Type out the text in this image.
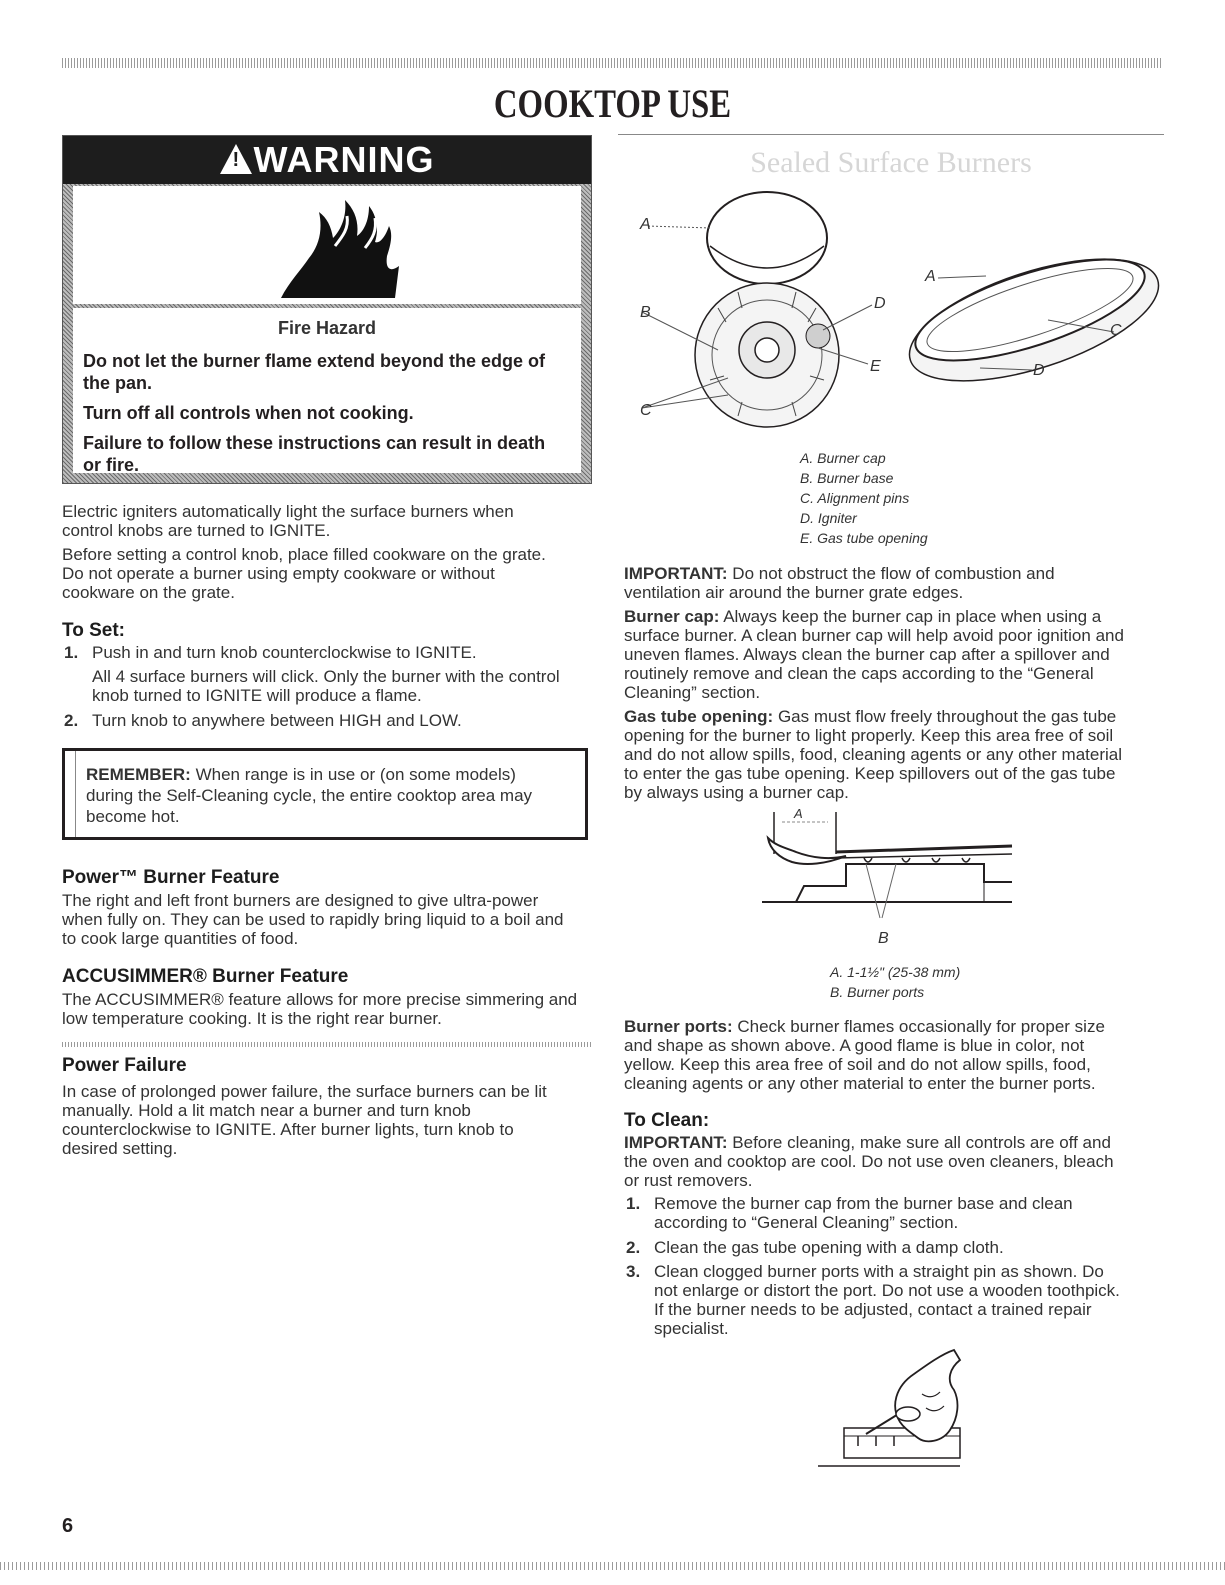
COOKTOP USE
!WARNING
Fire Hazard
Do not let the burner flame extend beyond the edge of
the pan.
Turn off all controls when not cooking.
Failure to follow these instructions can result in death
or fire.
Electric igniters automatically light the surface burners when
control knobs are turned to IGNITE.
Before setting a control knob, place filled cookware on the grate.
Do not operate a burner using empty cookware or without
cookware on the grate.
To Set:
1. Push in and turn knob counterclockwise to IGNITE.
All 4 surface burners will click. Only the burner with the control
knob turned to IGNITE will produce a flame.
2. Turn knob to anywhere between HIGH and LOW.
REMEMBER: When range is in use or (on some models)
during the Self-Cleaning cycle, the entire cooktop area may
become hot.
Power™ Burner Feature
The right and left front burners are designed to give ultra-power
when fully on. They can be used to rapidly bring liquid to a boil and
to cook large quantities of food.
ACCUSIMMER® Burner Feature
The ACCUSIMMER® feature allows for more precise simmering and
low temperature cooking. It is the right rear burner.
Power Failure
In case of prolonged power failure, the surface burners can be lit
manually. Hold a lit match near a burner and turn knob
counterclockwise to IGNITE. After burner lights, turn knob to
desired setting.
Sealed Surface Burners
A
B
C
D
E
A
C
D
A. Burner cap
B. Burner base
C. Alignment pins
D. Igniter
E. Gas tube opening
IMPORTANT: Do not obstruct the flow of combustion and
ventilation air around the burner grate edges.
Burner cap: Always keep the burner cap in place when using a
surface burner. A clean burner cap will help avoid poor ignition and
uneven flames. Always clean the burner cap after a spillover and
routinely remove and clean the caps according to the “General
Cleaning” section.
Gas tube opening: Gas must flow freely throughout the gas tube
opening for the burner to light properly. Keep this area free of soil
and do not allow spills, food, cleaning agents or any other material
to enter the gas tube opening. Keep spillovers out of the gas tube
by always using a burner cap.
A
B
A. 1-1½" (25-38 mm)
B. Burner ports
Burner ports: Check burner flames occasionally for proper size
and shape as shown above. A good flame is blue in color, not
yellow. Keep this area free of soil and do not allow spills, food,
cleaning agents or any other material to enter the burner ports.
To Clean:
IMPORTANT: Before cleaning, make sure all controls are off and
the oven and cooktop are cool. Do not use oven cleaners, bleach
or rust removers.
1. Remove the burner cap from the burner base and clean
according to “General Cleaning” section.
2. Clean the gas tube opening with a damp cloth.
3. Clean clogged burner ports with a straight pin as shown. Do
not enlarge or distort the port. Do not use a wooden toothpick.
If the burner needs to be adjusted, contact a trained repair
specialist.
6
